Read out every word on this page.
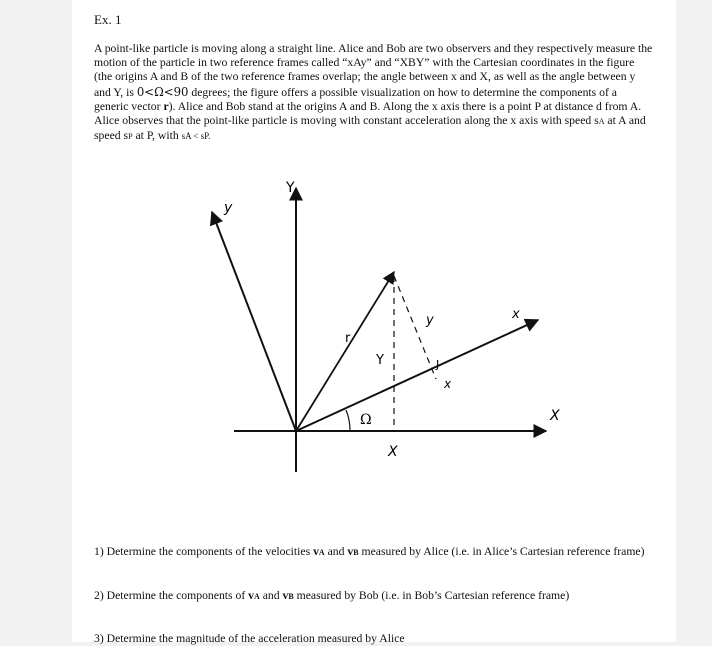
Ex. 1
A point-like particle is moving along a straight line. Alice and Bob are two observers and they respectively measure the motion of the particle in two reference frames called “xAy” and “XBY” with the Cartesian coordinates in the figure (the origins A and B of the two reference frames overlap; the angle between x and X, as well as the angle between y and Y, is 0<Ω<90 degrees; the figure offers a possible visualization on how to determine the components of a generic vector r). Alice and Bob stand at the origins A and B. Along the x axis there is a point P at distance d from A. Alice observes that the point-like particle is moving with constant acceleration along the x axis with speed sA at A and speed sP at P, with sA < sP.
Y
y
X
x
r
Y
y
x
X
Ω
J
1) Determine the components of the velocities vA and vB measured by Alice (i.e. in Alice’s Cartesian reference frame)
2) Determine the components of vA and vB measured by Bob (i.e. in Bob’s Cartesian reference frame)
3) Determine the magnitude of the acceleration measured by Alice
